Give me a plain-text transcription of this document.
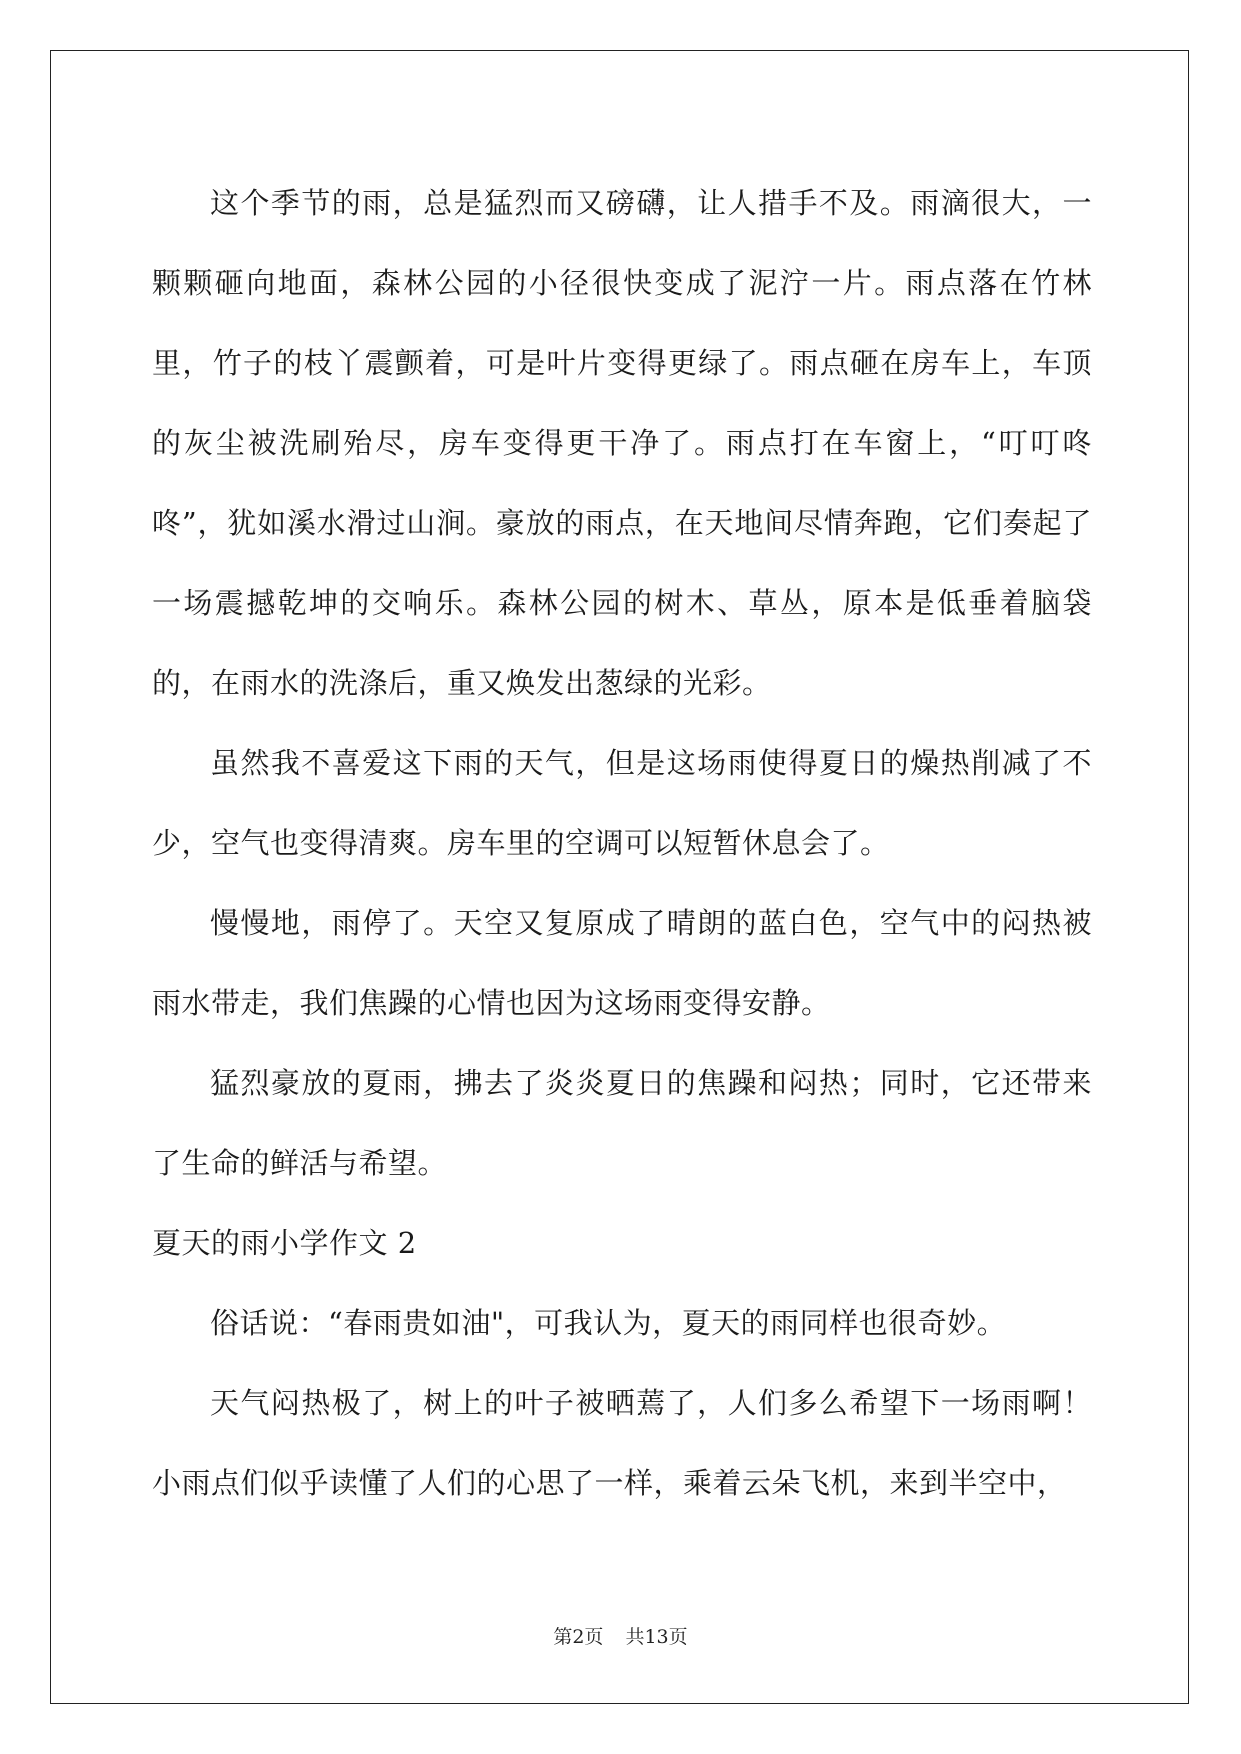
这个季节的雨，总是猛烈而又磅礴，让人措手不及。雨滴很大，一颗颗砸向地面，森林公园的小径很快变成了泥泞一片。雨点落在竹林里，竹子的枝丫震颤着，可是叶片变得更绿了。雨点砸在房车上，车顶的灰尘被洗刷殆尽，房车变得更干净了。雨点打在车窗上，“叮叮咚咚”，犹如溪水滑过山涧。豪放的雨点，在天地间尽情奔跑，它们奏起了一场震撼乾坤的交响乐。森林公园的树木、草丛，原本是低垂着脑袋的，在雨水的洗涤后，重又焕发出葱绿的光彩。

虽然我不喜爱这下雨的天气，但是这场雨使得夏日的燥热削减了不少，空气也变得清爽。房车里的空调可以短暂休息会了。

慢慢地，雨停了。天空又复原成了晴朗的蓝白色，空气中的闷热被雨水带走，我们焦躁的心情也因为这场雨变得安静。

猛烈豪放的夏雨，拂去了炎炎夏日的焦躁和闷热；同时，它还带来了生命的鲜活与希望。

夏天的雨小学作文 2

俗话说：“春雨贵如油"，可我认为，夏天的雨同样也很奇妙。

天气闷热极了，树上的叶子被晒蔫了，人们多么希望下一场雨啊！小雨点们似乎读懂了人们的心思了一样，乘着云朵飞机，来到半空中，

第2页 共13页
